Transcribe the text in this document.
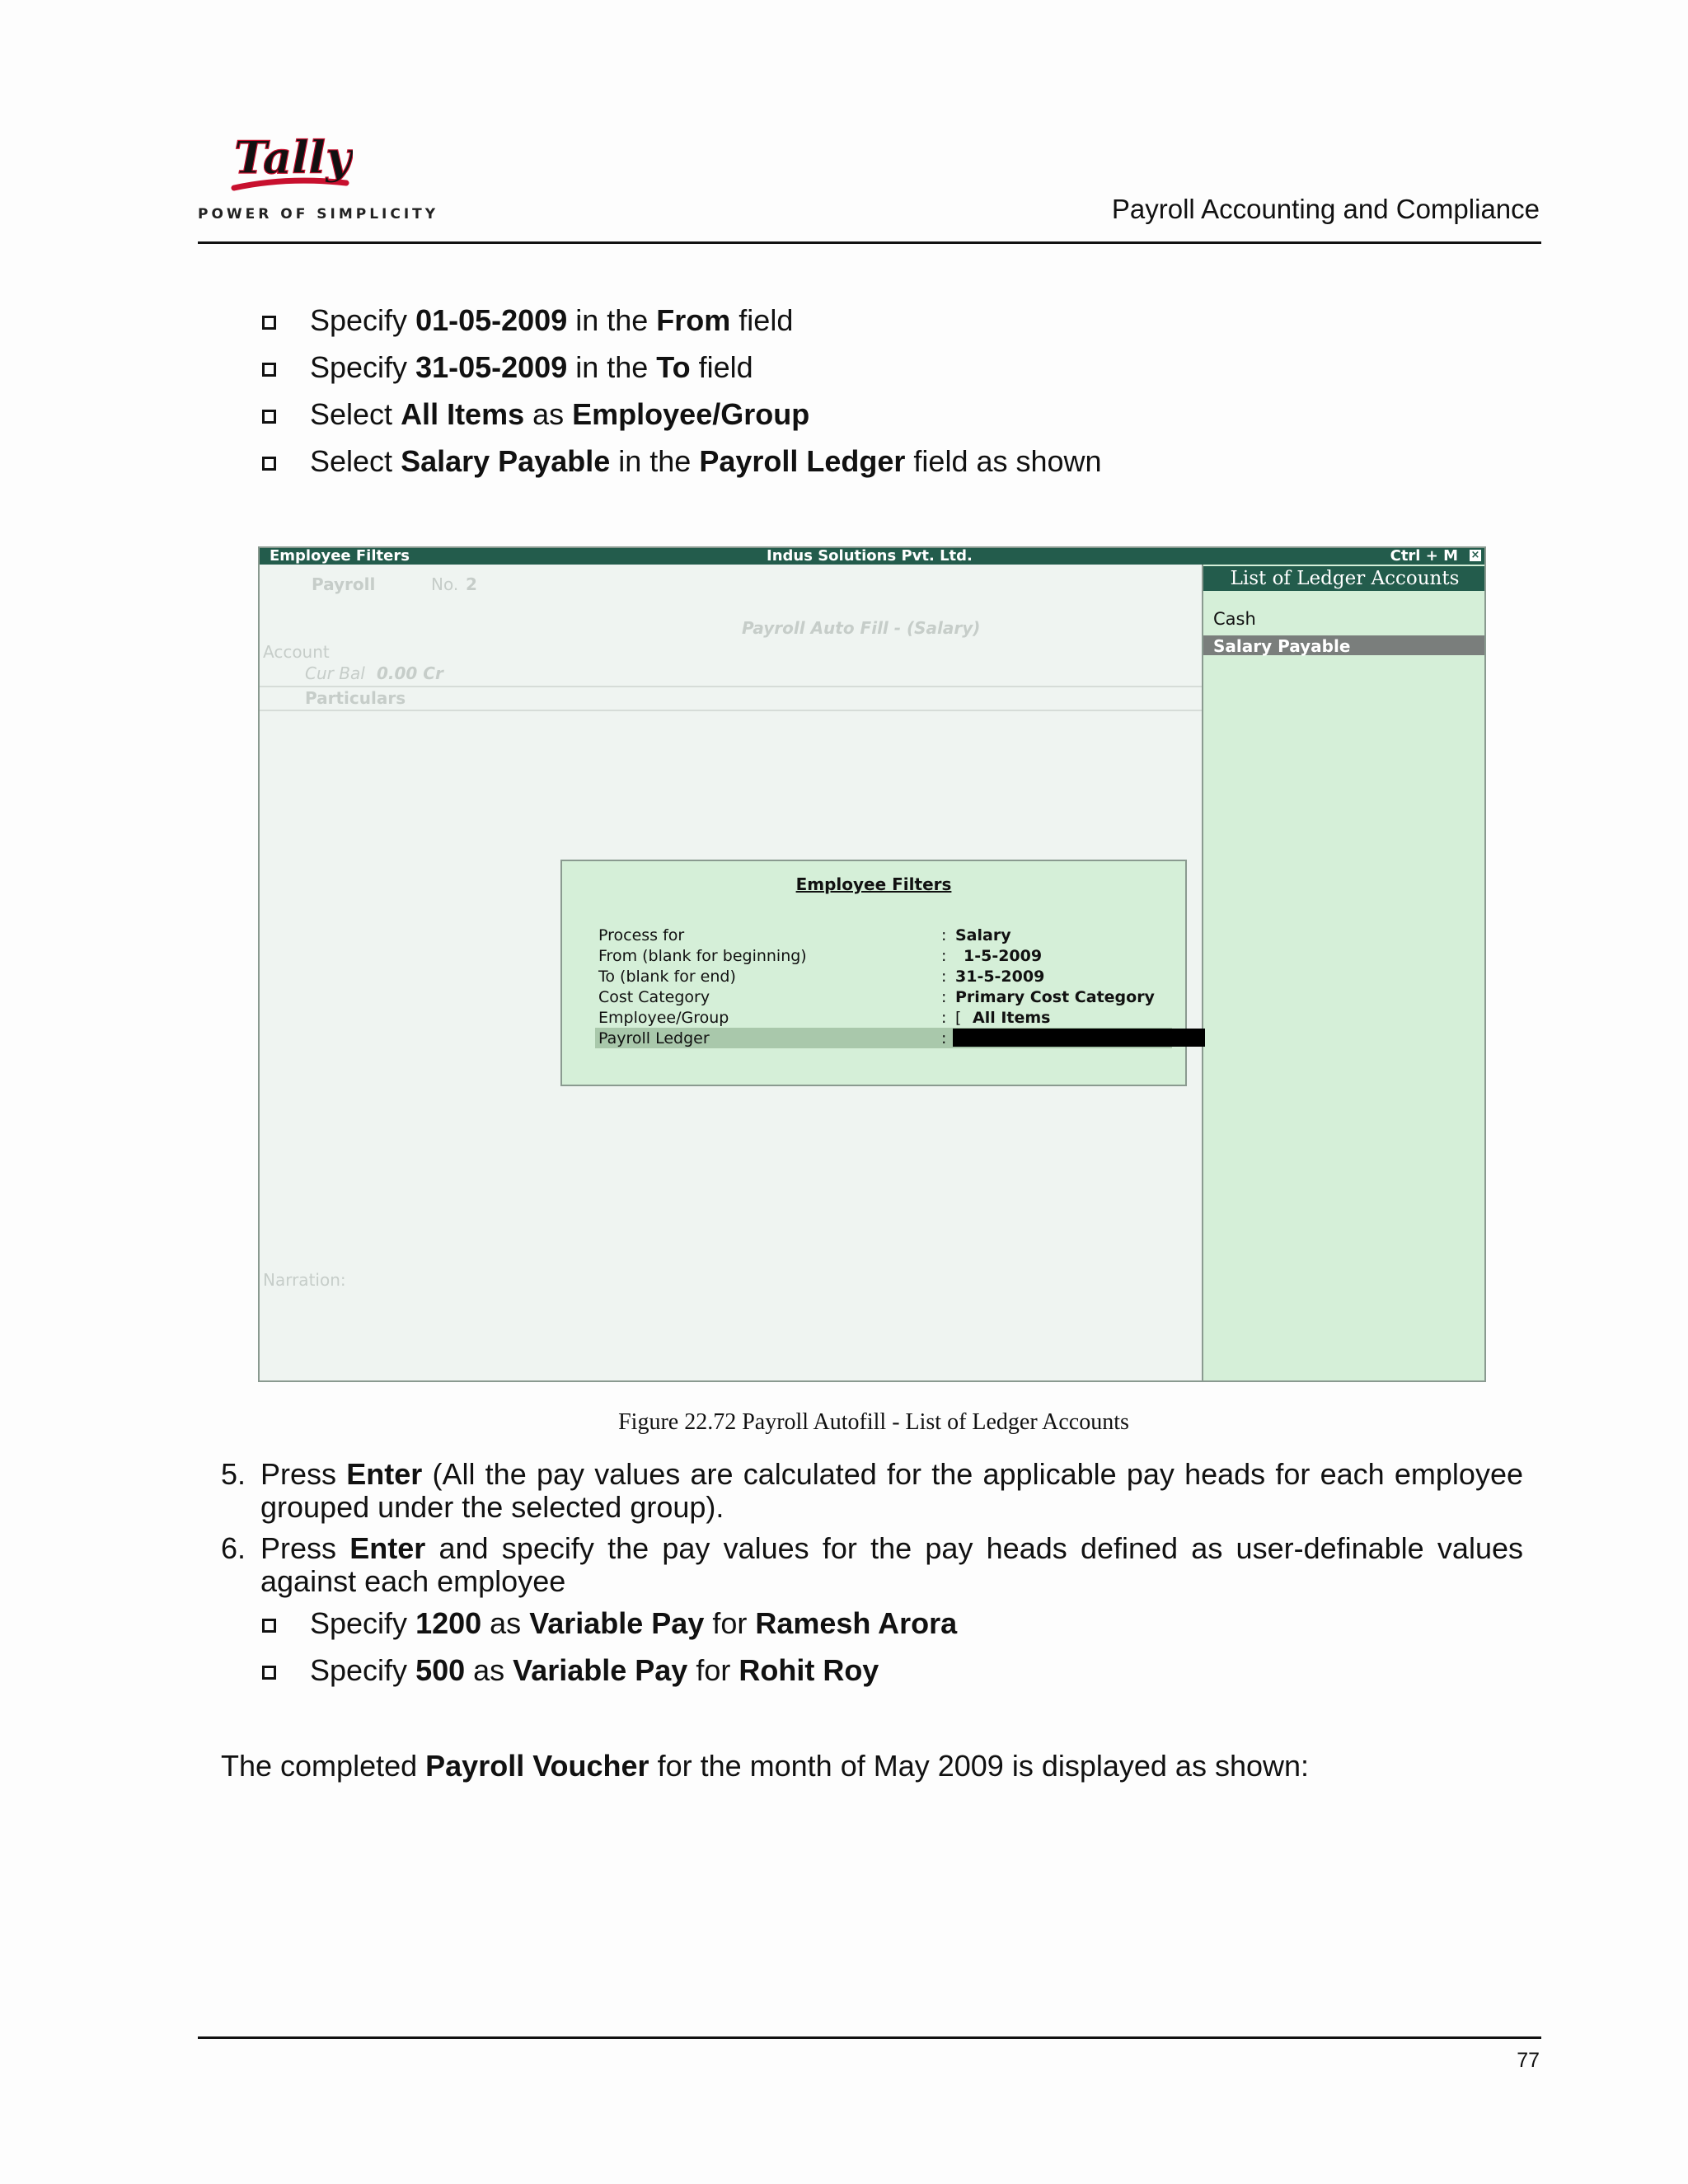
Tally
POWER OF SIMPLICITY	Payroll Accounting and Compliance
Specify 01-05-2009 in the From field
Specify 31-05-2009 in the To field
Select All Items as Employee/Group
Select Salary Payable in the Payroll Ledger field as shown
Employee Filters	Indus Solutions Pvt. Ltd.	Ctrl + M ×
Payroll	No. 2
Payroll Auto Fill - (Salary)
Account
Cur Bal 0.00 Cr
Particulars
Narration:
List of Ledger Accounts
Cash
Salary Payable
Employee Filters
Process for	: Salary
From (blank for beginning)	: 1-5-2009
To (blank for end)	: 31-5-2009
Cost Category	: Primary Cost Category
Employee/Group	: [ All Items
Payroll Ledger	:
Figure 22.72 Payroll Autofill - List of Ledger Accounts
5. Press Enter (All the pay values are calculated for the applicable pay heads for each employee grouped under the selected group).
6. Press Enter and specify the pay values for the pay heads defined as user-definable values against each employee
Specify 1200 as Variable Pay for Ramesh Arora
Specify 500 as Variable Pay for Rohit Roy
The completed Payroll Voucher for the month of May 2009 is displayed as shown:
77
